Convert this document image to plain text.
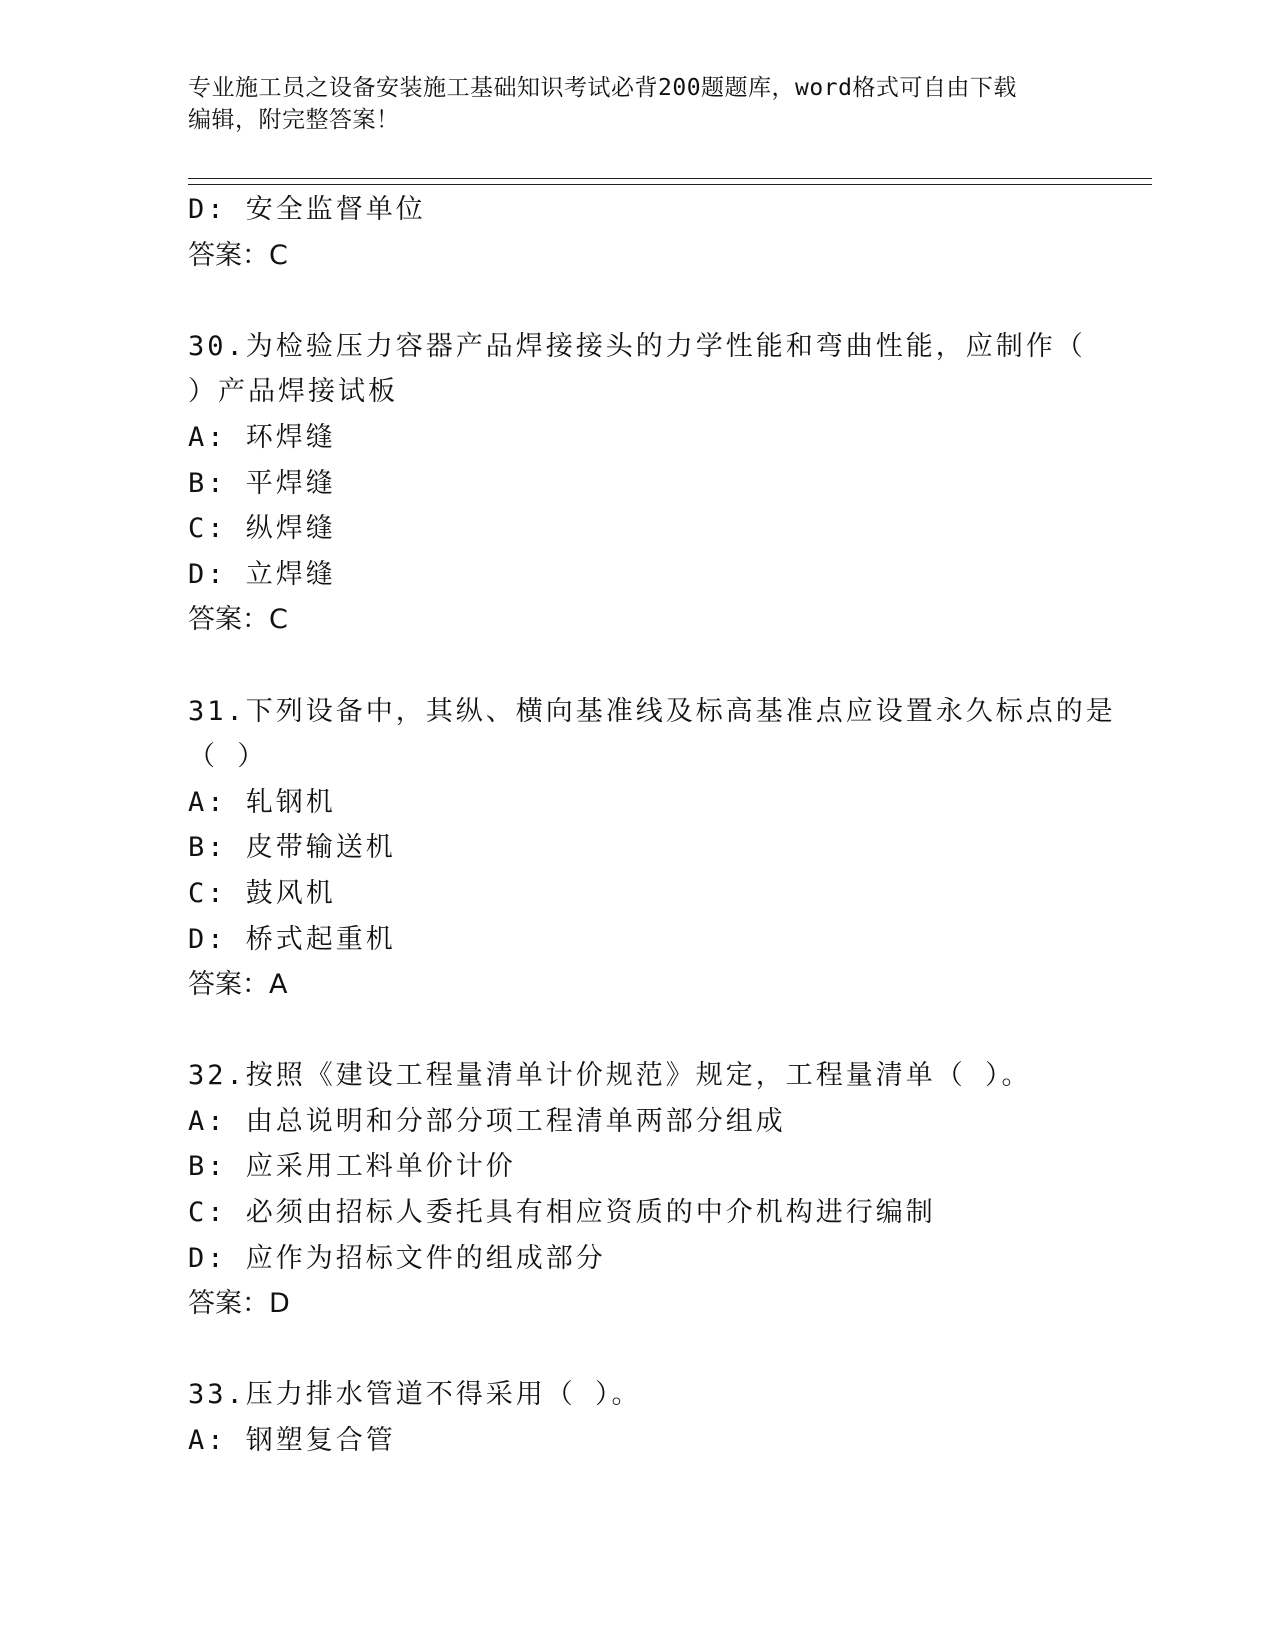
专业施工员之设备安装施工基础知识考试必背200题题库，word格式可自由下载
编辑，附完整答案！
D: 安全监督单位
答案：C
30.为检验压力容器产品焊接接头的力学性能和弯曲性能，应制作（
）产品焊接试板
A: 环焊缝
B: 平焊缝
C: 纵焊缝
D: 立焊缝
答案：C
31.下列设备中，其纵、横向基准线及标高基准点应设置永久标点的是
（ ）
A: 轧钢机
B: 皮带输送机
C: 鼓风机
D: 桥式起重机
答案：A
32.按照《建设工程量清单计价规范》规定，工程量清单（ ）。
A: 由总说明和分部分项工程清单两部分组成
B: 应采用工料单价计价
C: 必须由招标人委托具有相应资质的中介机构进行编制
D: 应作为招标文件的组成部分
答案：D
33.压力排水管道不得采用（ ）。
A: 钢塑复合管
